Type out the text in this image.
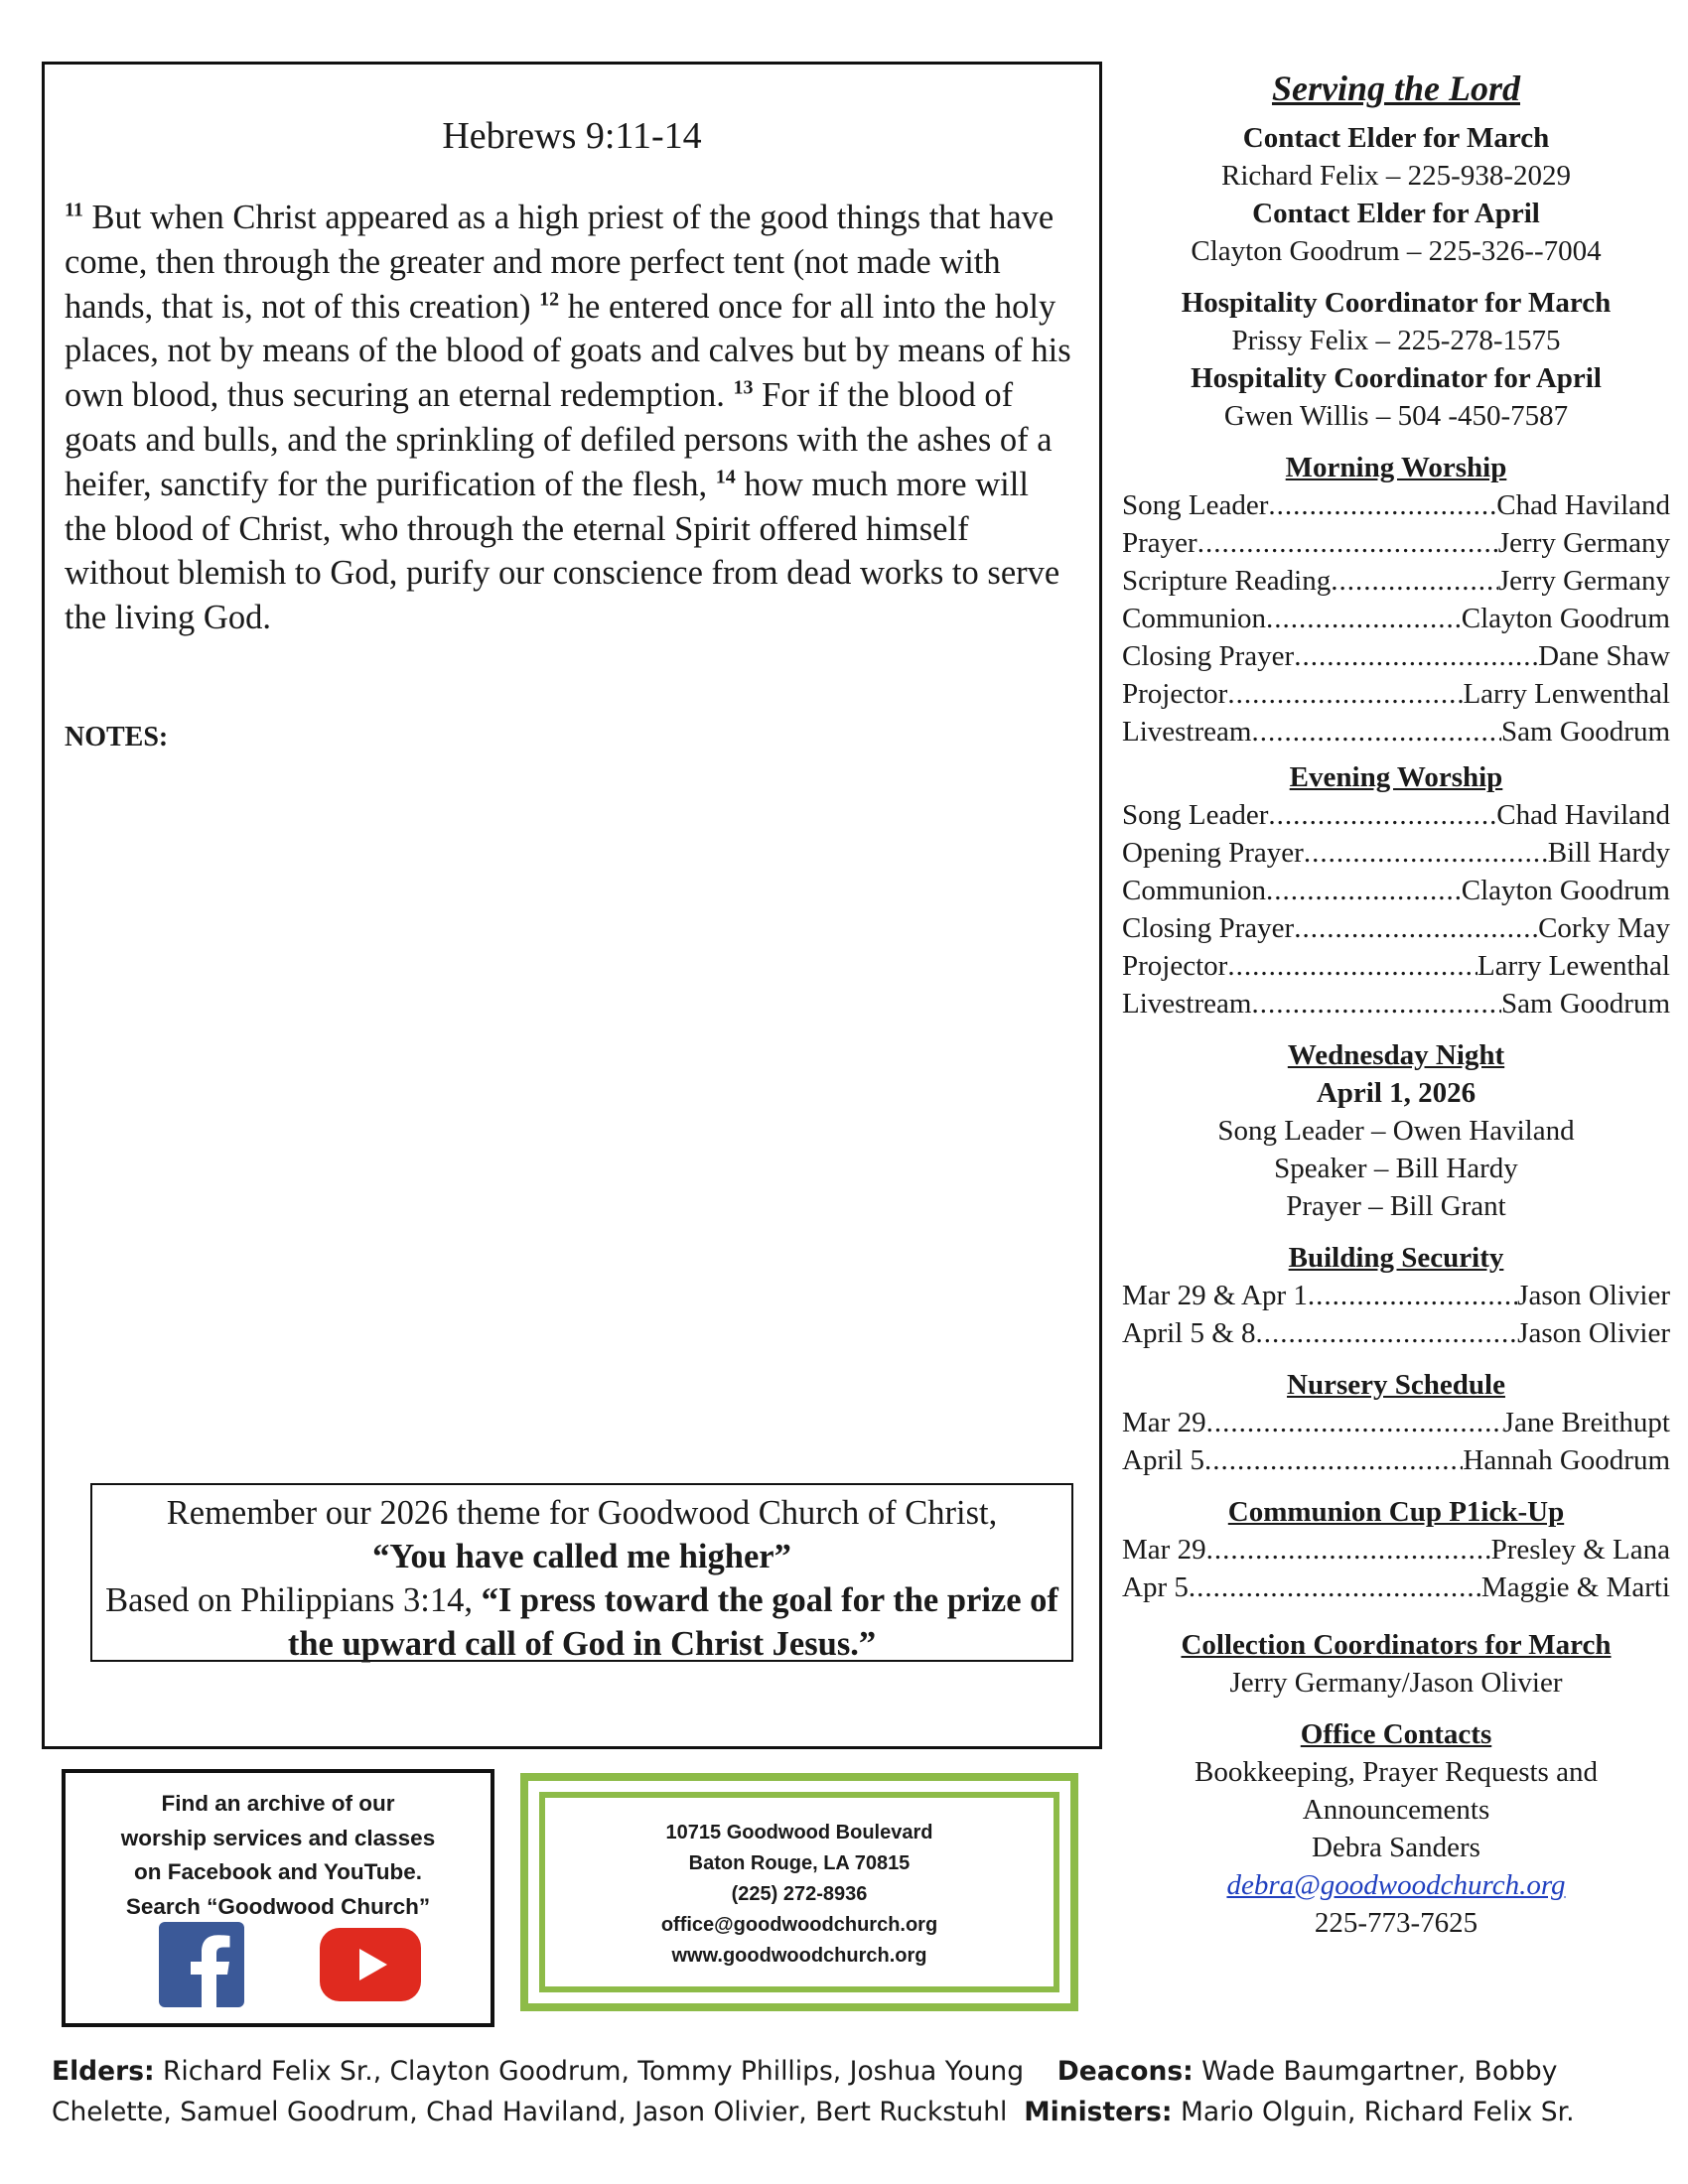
Hebrews 9:11-14
$^{11}$ But when Christ appeared as a high priest of the good things that have come, then through the greater and more perfect tent (not made with hands, that is, not of this creation) $^{12}$ he entered once for all into the holy places, not by means of the blood of goats and calves but by means of his own blood, thus securing an eternal redemption. $^{13}$ For if the blood of goats and bulls, and the sprinkling of defiled persons with the ashes of a heifer, sanctify for the purification of the flesh, $^{14}$ how much more will the blood of Christ, who through the eternal Spirit offered himself without blemish to God, purify our conscience from dead works to serve the living God.
NOTES:
Remember our 2026 theme for Goodwood Church of Christ,
“You have called me higher”
Based on Philippians 3:14, “I press toward the goal for the prize of the upward call of God in Christ Jesus.”
Find an archive of our
worship services and classes
on Facebook and YouTube.
Search “Goodwood Church”
10715 Goodwood Boulevard
Baton Rouge, LA 70815
(225) 272-8936
office@goodwoodchurch.org
www.goodwoodchurch.org
Elders: Richard Felix Sr., Clayton Goodrum, Tommy Phillips, Joshua Young Deacons: Wade Baumgartner, Bobby Chelette, Samuel Goodrum, Chad Haviland, Jason Olivier, Bert Ruckstuhl Ministers: Mario Olguin, Richard Felix Sr.
Serving the Lord
Contact Elder for March
Richard Felix – 225-938-2029
Contact Elder for April
Clayton Goodrum – 225-326--7004
Hospitality Coordinator for March
Prissy Felix – 225-278-1575
Hospitality Coordinator for April
Gwen Willis – 504 -450-7587
Morning Worship
Song Leader .....	Chad Haviland
Prayer .....	Jerry Germany
Scripture Reading .....	Jerry Germany
Communion .....	Clayton Goodrum
Closing Prayer .....	Dane Shaw
Projector .....	Larry Lenwenthal
Livestream .....	Sam Goodrum
Evening Worship
Song Leader .....	Chad Haviland
Opening Prayer .....	Bill Hardy
Communion .....	Clayton Goodrum
Closing Prayer .....	Corky May
Projector .....	Larry Lewenthal
Livestream .....	Sam Goodrum
Wednesday Night
April 1, 2026
Song Leader – Owen Haviland
Speaker – Bill Hardy
Prayer – Bill Grant
Building Security
Mar 29 & Apr 1 .....	Jason Olivier
April 5 & 8 .....	Jason Olivier
Nursery Schedule
Mar 29 .....	Jane Breithupt
April 5 .....	Hannah Goodrum
Communion Cup P1ick-Up
Mar 29 .....	Presley & Lana
Apr 5 .....	Maggie & Marti
Collection Coordinators for March
Jerry Germany/Jason Olivier
Office Contacts
Bookkeeping, Prayer Requests and
Announcements
Debra Sanders
debra@goodwoodchurch.org
225-773-7625
